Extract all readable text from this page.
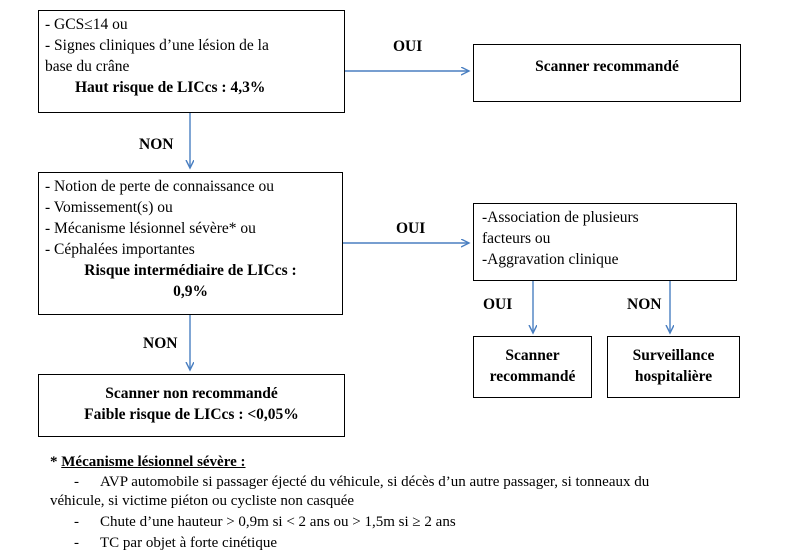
- GCS≤14 ou
- Signes cliniques d’une lésion de la
base du crâne
Haut risque de LICcs : 4,3%
Scanner recommandé
OUI
NON
- Notion de perte de connaissance ou
- Vomissement(s) ou
- Mécanisme lésionnel sévère* ou
- Céphalées importantes
Risque intermédiaire de LICcs :
0,9%
OUI
-Association de plusieurs
facteurs ou
-Aggravation clinique
OUI	NON
Scanner
recommandé
Surveillance
hospitalière
NON
Scanner non recommandé
Faible risque de LICcs : <0,05%
* Mécanisme lésionnel sévère :
- AVP automobile si passager éjecté du véhicule, si décès d’un autre passager, si tonneaux du
véhicule, si victime piéton ou cycliste non casquée
- Chute d’une hauteur > 0,9m si < 2 ans ou > 1,5m si ≥ 2 ans
- TC par objet à forte cinétique
